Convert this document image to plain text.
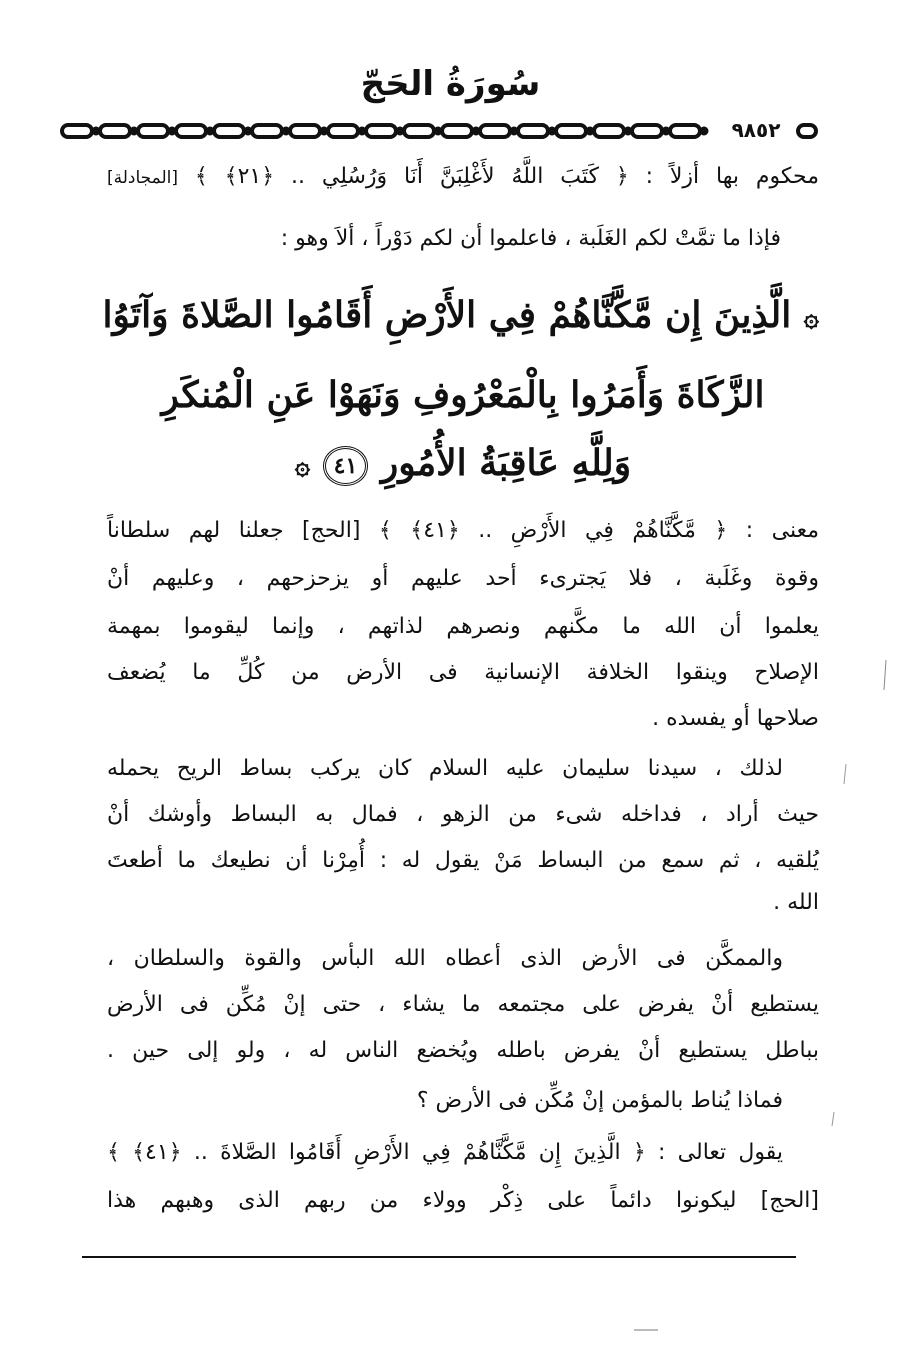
سُورَةُ الحَجّ
٩٨٥٢
محكوم بها أزلاً : ﴿ كَتَبَ اللَّهُ لأَغْلِبَنَّ أَنَا وَرُسُلِي .. ﴿٢١﴾ ﴾ [المجادلة]
فإذا ما تمَّتْ لكم الغَلَبة ، فاعلموا أن لكم دَوْراً ، ألاَ وهو :
۞ الَّذِينَ إِن مَّكَّنَّاهُمْ فِي الأَرْضِ أَقَامُوا الصَّلاةَ وَآتَوُا
الزَّكَاةَ وَأَمَرُوا بِالْمَعْرُوفِ وَنَهَوْا عَنِ الْمُنكَرِ
وَلِلَّهِ عَاقِبَةُ الأُمُورِ ٤١ ۞
معنى : ﴿ مَّكَّنَّاهُمْ فِي الأَرْضِ .. ﴿٤١﴾ ﴾ [الحج] جعلنا لهم سلطاناً
وقوة وغَلَبة ، فلا يَجترىء أحد عليهم أو يزحزحهم ، وعليهم أنْ
يعلموا أن الله ما مكَّنهم ونصرهم لذاتهم ، وإنما ليقوموا بمهمة
الإصلاح وينقوا الخلافة الإنسانية فى الأرض من كُلِّ ما يُضعف
صلاحها أو يفسده .
لذلك ، سيدنا سليمان عليه السلام كان يركب بساط الريح يحمله
حيث أراد ، فداخله شىء من الزهو ، فمال به البساط وأوشك أنْ
يُلقيه ، ثم سمع من البساط مَنْ يقول له : أُمِرْنا أن نطيعك ما أطعتَ
الله .
والممكَّن فى الأرض الذى أعطاه الله البأس والقوة والسلطان ،
يستطيع أنْ يفرض على مجتمعه ما يشاء ، حتى إنْ مُكِّن فى الأرض
بباطل يستطيع أنْ يفرض باطله ويُخضع الناس له ، ولو إلى حين .
فماذا يُناط بالمؤمن إنْ مُكِّن فى الأرض ؟
يقول تعالى : ﴿ الَّذِينَ إِن مَّكَّنَّاهُمْ فِي الأَرْضِ أَقَامُوا الصَّلاةَ .. ﴿٤١﴾ ﴾
[الحج] ليكونوا دائماً على ذِكْر وولاء من ربهم الذى وهبهم هذا
